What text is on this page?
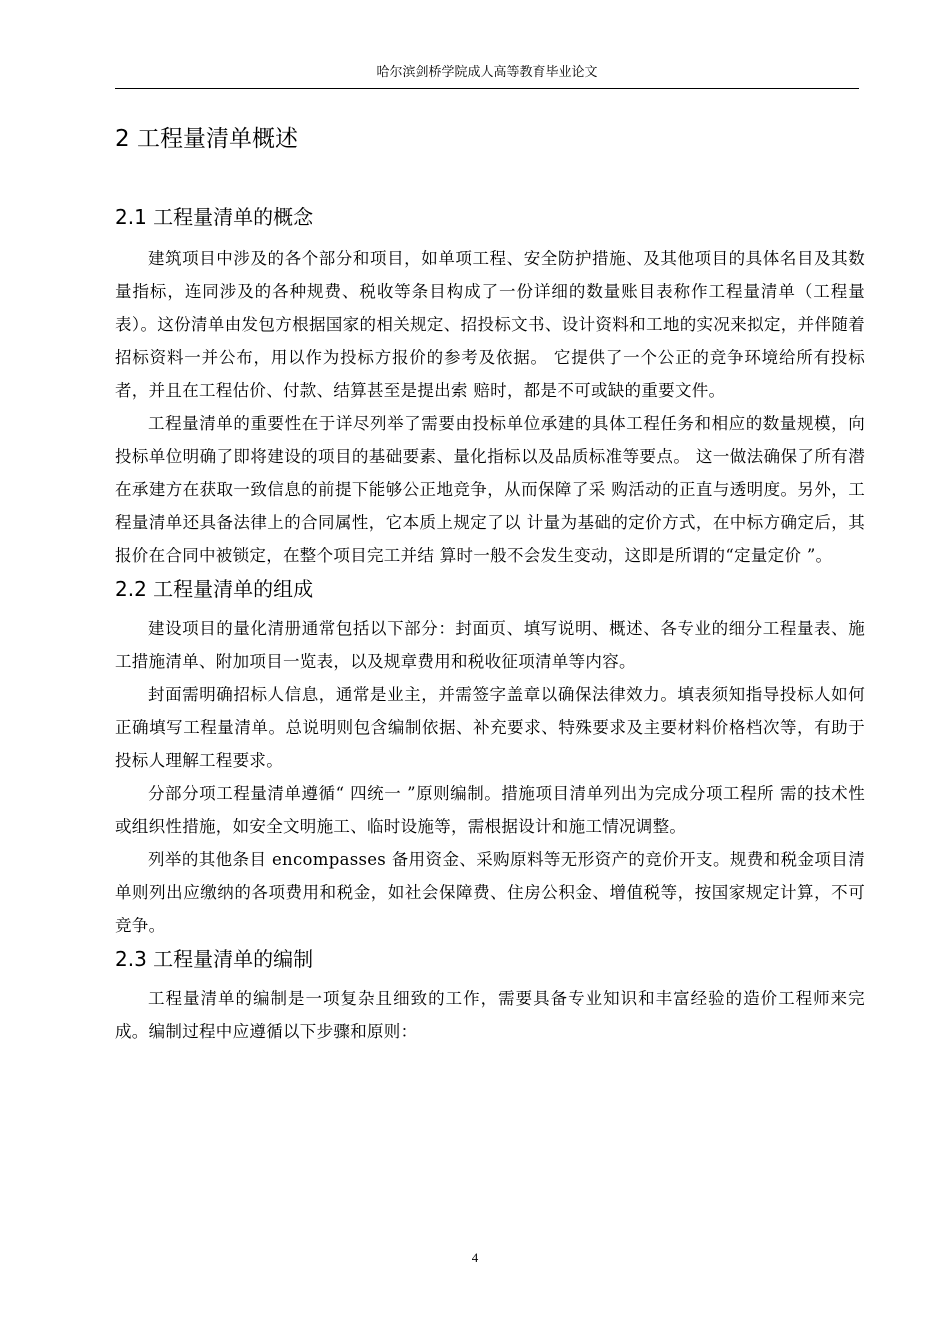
哈尔滨剑桥学院成人高等教育毕业论文
2 工程量清单概述
2.1 工程量清单的概念

建筑项目中涉及的各个部分和项目，如单项工程、安全防护措施、及其他项目的具体名目及其数量指标，连同涉及的各种规费、税收等条目构成了一份详细的数量账目表称作工程量清单（工程量表）。这份清单由发包方根据国家的相关规定、招投标文书、设计资料和工地的实况来拟定，并伴随着招标资料一并公布，用以作为投标方报价的参考及依据。 它提供了一个公正的竞争环境给所有投标者，并且在工程估价、付款、结算甚至是提出索 赔时，都是不可或缺的重要文件。

工程量清单的重要性在于详尽列举了需要由投标单位承建的具体工程任务和相应的数量规模，向投标单位明确了即将建设的项目的基础要素、量化指标以及品质标准等要点。 这一做法确保了所有潜在承建方在获取一致信息的前提下能够公正地竞争，从而保障了采 购活动的正直与透明度。另外，工程量清单还具备法律上的合同属性，它本质上规定了以 计量为基础的定价方式，在中标方确定后，其报价在合同中被锁定，在整个项目完工并结 算时一般不会发生变动，这即是所谓的“定量定价 ”。

2.2 工程量清单的组成

建设项目的量化清册通常包括以下部分：封面页、填写说明、概述、各专业的细分工程量表、施工措施清单、附加项目一览表，以及规章费用和税收征项清单等内容。

封面需明确招标人信息，通常是业主，并需签字盖章以确保法律效力。填表须知指导投标人如何正确填写工程量清单。总说明则包含编制依据、补充要求、特殊要求及主要材料价格档次等，有助于投标人理解工程要求。

分部分项工程量清单遵循“ 四统一 ”原则编制。措施项目清单列出为完成分项工程所 需的技术性或组织性措施，如安全文明施工、临时设施等，需根据设计和施工情况调整。

列举的其他条目 encompasses 备用资金、采购原料等无形资产的竞价开支。规费和税金项目清单则列出应缴纳的各项费用和税金，如社会保障费、住房公积金、增值税等，按国家规定计算，不可竞争。

2.3 工程量清单的编制

工程量清单的编制是一项复杂且细致的工作，需要具备专业知识和丰富经验的造价工程师来完成。编制过程中应遵循以下步骤和原则：

4
